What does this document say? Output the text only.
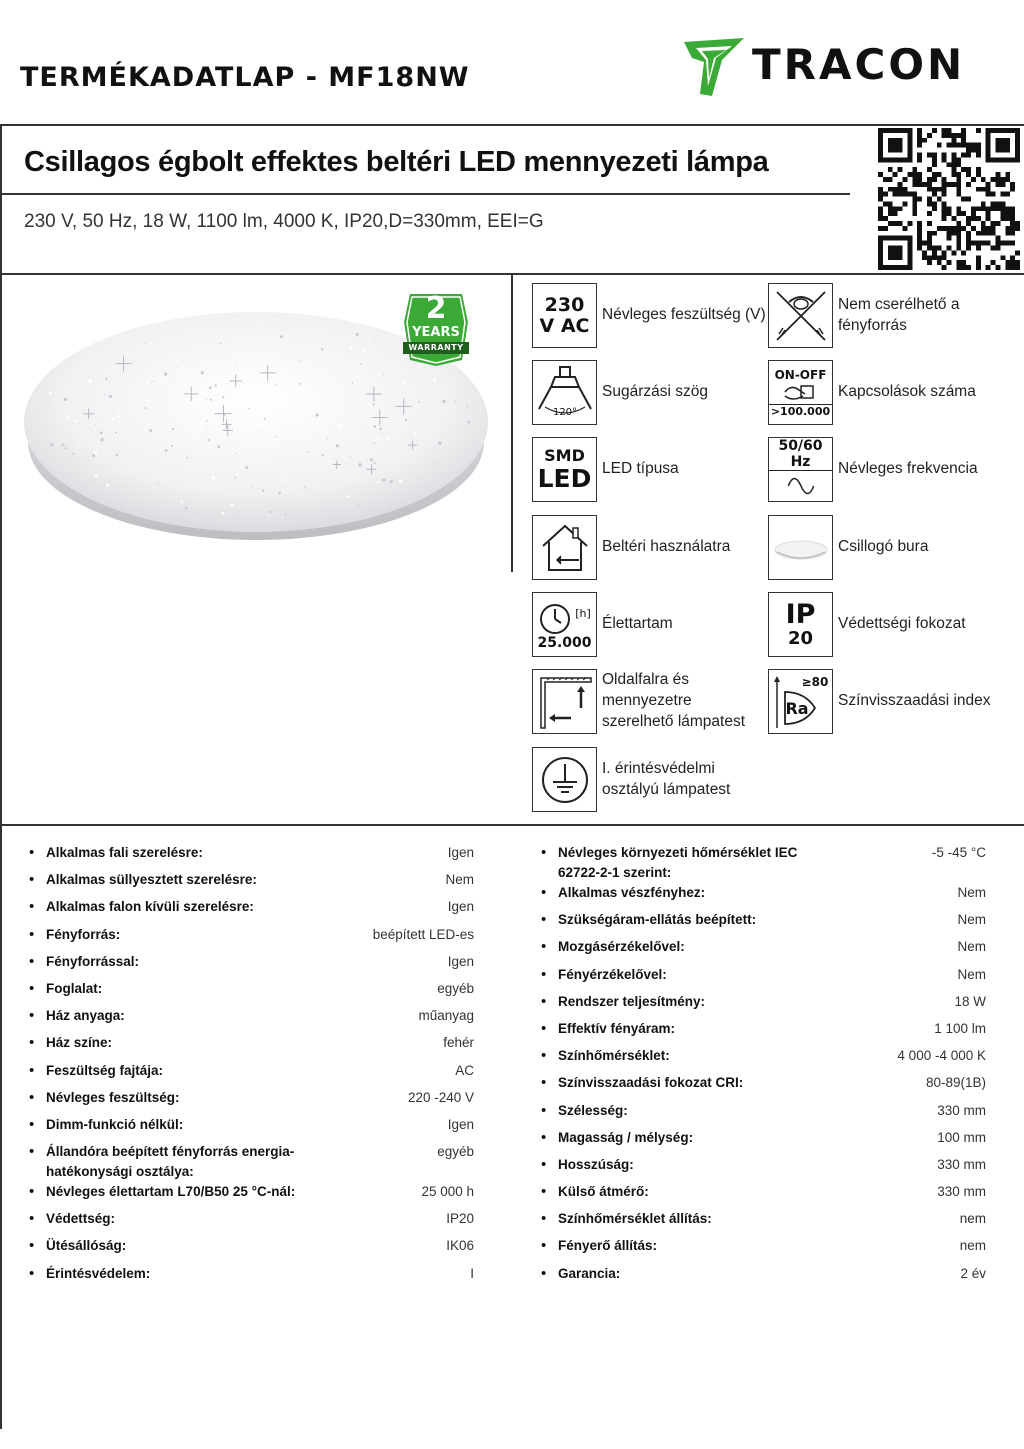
TERMÉKADATLAP - MF18NW	TRACON
Csillagos égbolt effektes beltéri LED mennyezeti lámpa
230 V, 50 Hz, 18 W, 1100 lm, 4000 K, IP20,D=330mm, EEI=G
2
YEARS
WARRANTY
230
V AC Névleges feszültség (V)
Nem cserélhető a fényforrás
120°
Sugárzási szög
ON-OFF
>100.000
Kapcsolások száma
SMD
LED LED típusa
50/60 Hz	Névleges frekvencia
Beltéri használatra	Csillogó bura
[h]
25.000
Élettartam	IP
20
Védettségi fokozat
Oldalfalra és mennyezetre szerelhető lámpatest
Ra
≥80
Színvisszaadási index
I. érintésvédelmi osztályú lámpatest
• Alkalmas fali szerelésre:	Igen
• Alkalmas süllyesztett szerelésre:	Nem
• Alkalmas falon kívüli szerelésre:	Igen
• Fényforrás:	beépített LED-es
• Fényforrással:	Igen
• Foglalat:	egyéb
• Ház anyaga:	műanyag
• Ház színe:	fehér
• Feszültség fajtája:	AC
• Névleges feszültség:	220 -240 V
• Dimm-funkció nélkül:	Igen
• Állandóra beépített fényforrás energia-hatékonysági osztálya:
egyéb
• Névleges élettartam L70/B50 25 °C-nál:	25 000 h
• Védettség:	IP20
• Ütésállóság:	IK06
• Érintésvédelem:	I
• Névleges környezeti hőmérséklet IEC 62722-2-1 szerint:
-5 -45 °C
• Alkalmas vészfényhez:	Nem
• Szükségáram-ellátás beépített:	Nem
• Mozgásérzékelővel:	Nem
• Fényérzékelővel:	Nem
• Rendszer teljesítmény:	18 W
• Effektív fényáram:	1 100 lm
• Színhőmérséklet:	4 000 -4 000 K
• Színvisszaadási fokozat CRI:	80-89(1B)
• Szélesség:	330 mm
• Magasság / mélység:	100 mm
• Hosszúság:	330 mm
• Külső átmérő:	330 mm
• Színhőmérséklet állítás:	nem
• Fényerő állítás:	nem
• Garancia:	2 év
